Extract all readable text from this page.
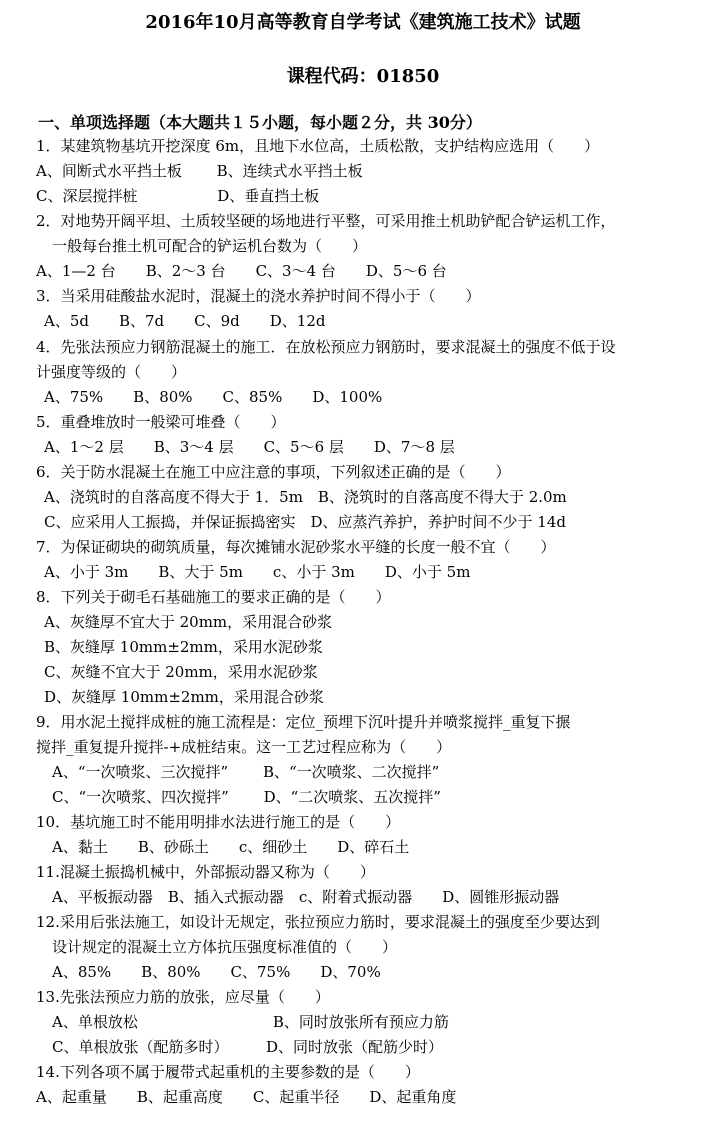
2016年10月高等教育自学考试《建筑施工技术》试题
课程代码：01850
一、单项选择题（本大题共１５小题，每小题２分，共 30分）
1．某建筑物基坑开挖深度 6m，且地下水位高，土质松散，支护结构应选用（　　）
A、间断式水平挡土板　　 B、连续式水平挡土板
C、深层搅拌桩　　　　　 D、垂直挡土板
2．对地势开阔平坦、土质较坚硬的场地进行平整，可采用推土机助铲配合铲运机工作，
一般每台推土机可配合的铲运机台数为（　　）
A、1—2 台　　B、2～3 台　　C、3～4 台　　D、5～6 台
3．当采用硅酸盐水泥时，混凝土的浇水养护时间不得小于（　　）
A、5d　　B、7d　　C、9d　　D、12d
4．先张法预应力钢筋混凝土的施工．在放松预应力钢筋时，要求混凝土的强度不低于设
计强度等级的（　　）
A、75%　　B、80%　　C、85%　　D、100%
5．重叠堆放时一般梁可堆叠（　　）
A、1～2 层　　B、3～4 层　　C、5～6 层　　D、7～8 层
6．关于防水混凝土在施工中应注意的事项，下列叙述正确的是（　　）
A、浇筑时的自落高度不得大于 1．5m　B、浇筑时的自落高度不得大于 2.0m
C、应采用人工振捣，并保证振捣密实　D、应蒸汽养护，养护时间不少于 14d
7．为保证砌块的砌筑质量，每次摊铺水泥砂浆水平缝的长度一般不宜（　　）
A、小于 3m　　B、大于 5m　　c、小于 3m　　D、小于 5m
8．下列关于砌毛石基础施工的要求正确的是（　　）
A、灰缝厚不宜大于 20mm，采用混合砂浆
B、灰缝厚 10mm±2mm，采用水泥砂浆
C、灰缝不宜大于 20mm，采用水泥砂浆
D、灰缝厚 10mm±2mm，采用混合砂浆
9．用水泥土搅拌成桩的施工流程是：定位_预埋下沉叶提升并喷浆搅拌_重复下搌
搅拌_重复提升搅拌-+成桩结束。这一工艺过程应称为（　　）
A、“一次喷浆、三次搅拌”　　 B、“一次喷浆、二次搅拌”
C、“一次喷浆、四次搅拌”　　 D、“二次喷浆、五次搅拌”
10．基坑施工时不能用明排水法进行施工的是（　　）
A、黏土　　B、砂砾土　　c、细砂土　　D、碎石土
11.混凝土振捣机械中，外部振动器又称为（　　）
A、平板振动器　B、插入式振动器　c、附着式振动器　　D、圆锥形振动器
12.采用后张法施工，如设计无规定，张拉预应力筋时，要求混凝土的强度至少要达到
设计规定的混凝土立方体抗压强度标准值的（　　）
A、85%　　B、80%　　C、75%　　D、70%
13.先张法预应力筋的放张，应尽量（　　）
A、单根放松　　　　　　　　　B、同时放张所有预应力筋
C、单根放张（配筋多时）　　　D、同时放张（配筋少时）
14.下列各项不属于履带式起重机的主要参数的是（　　）
A、起重量　　B、起重高度　　C、起重半径　　D、起重角度
